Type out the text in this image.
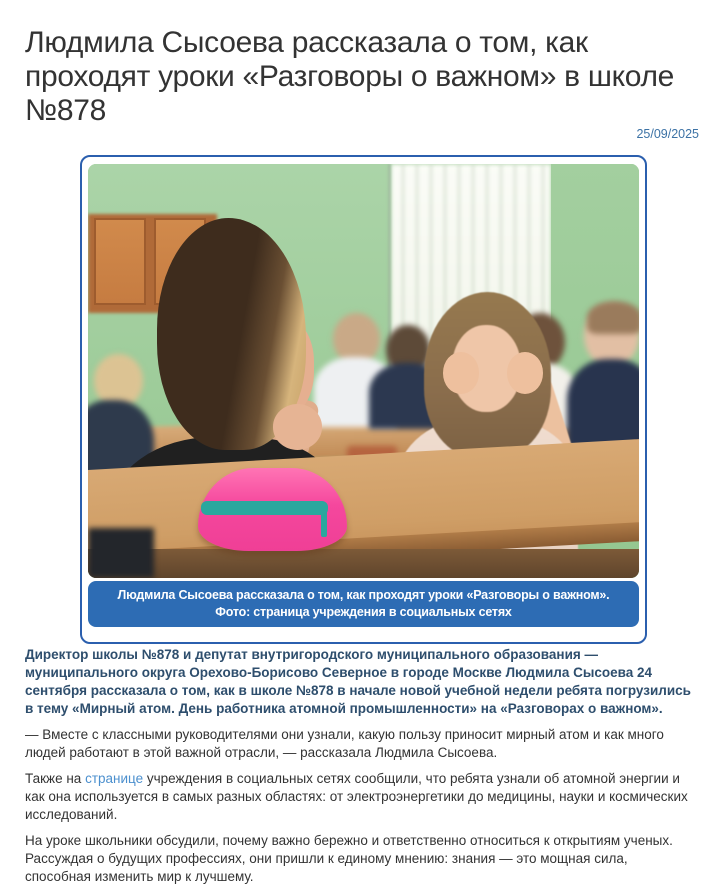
Людмила Сысоева рассказала о том, как проходят уроки «Разговоры о важном» в школе №878
25/09/2025
Людмила Сысоева рассказала о том, как проходят уроки «Разговоры о важном».
Фото: страница учреждения в социальных сетях

Директор школы №878 и депутат внутригородского муниципального образования — муниципального округа Орехово-Борисово Северное в городе Москве Людмила Сысоева 24 сентября рассказала о том, как в школе №878 в начале новой учебной недели ребята погрузились в тему «Мирный атом. День работника атомной промышленности» на «Разговорах о важном».

— Вместе с классными руководителями они узнали, какую пользу приносит мирный атом и как много людей работают в этой важной отрасли, — рассказала Людмила Сысоева.

Также на странице учреждения в социальных сетях сообщили, что ребята узнали об атомной энергии и как она используется в самых разных областях: от электроэнергетики до медицины, науки и космических исследований.

На уроке школьники обсудили, почему важно бережно и ответственно относиться к открытиям ученых. Рассуждая о будущих профессиях, они пришли к единому мнению: знания — это мощная сила, способная изменить мир к лучшему.
